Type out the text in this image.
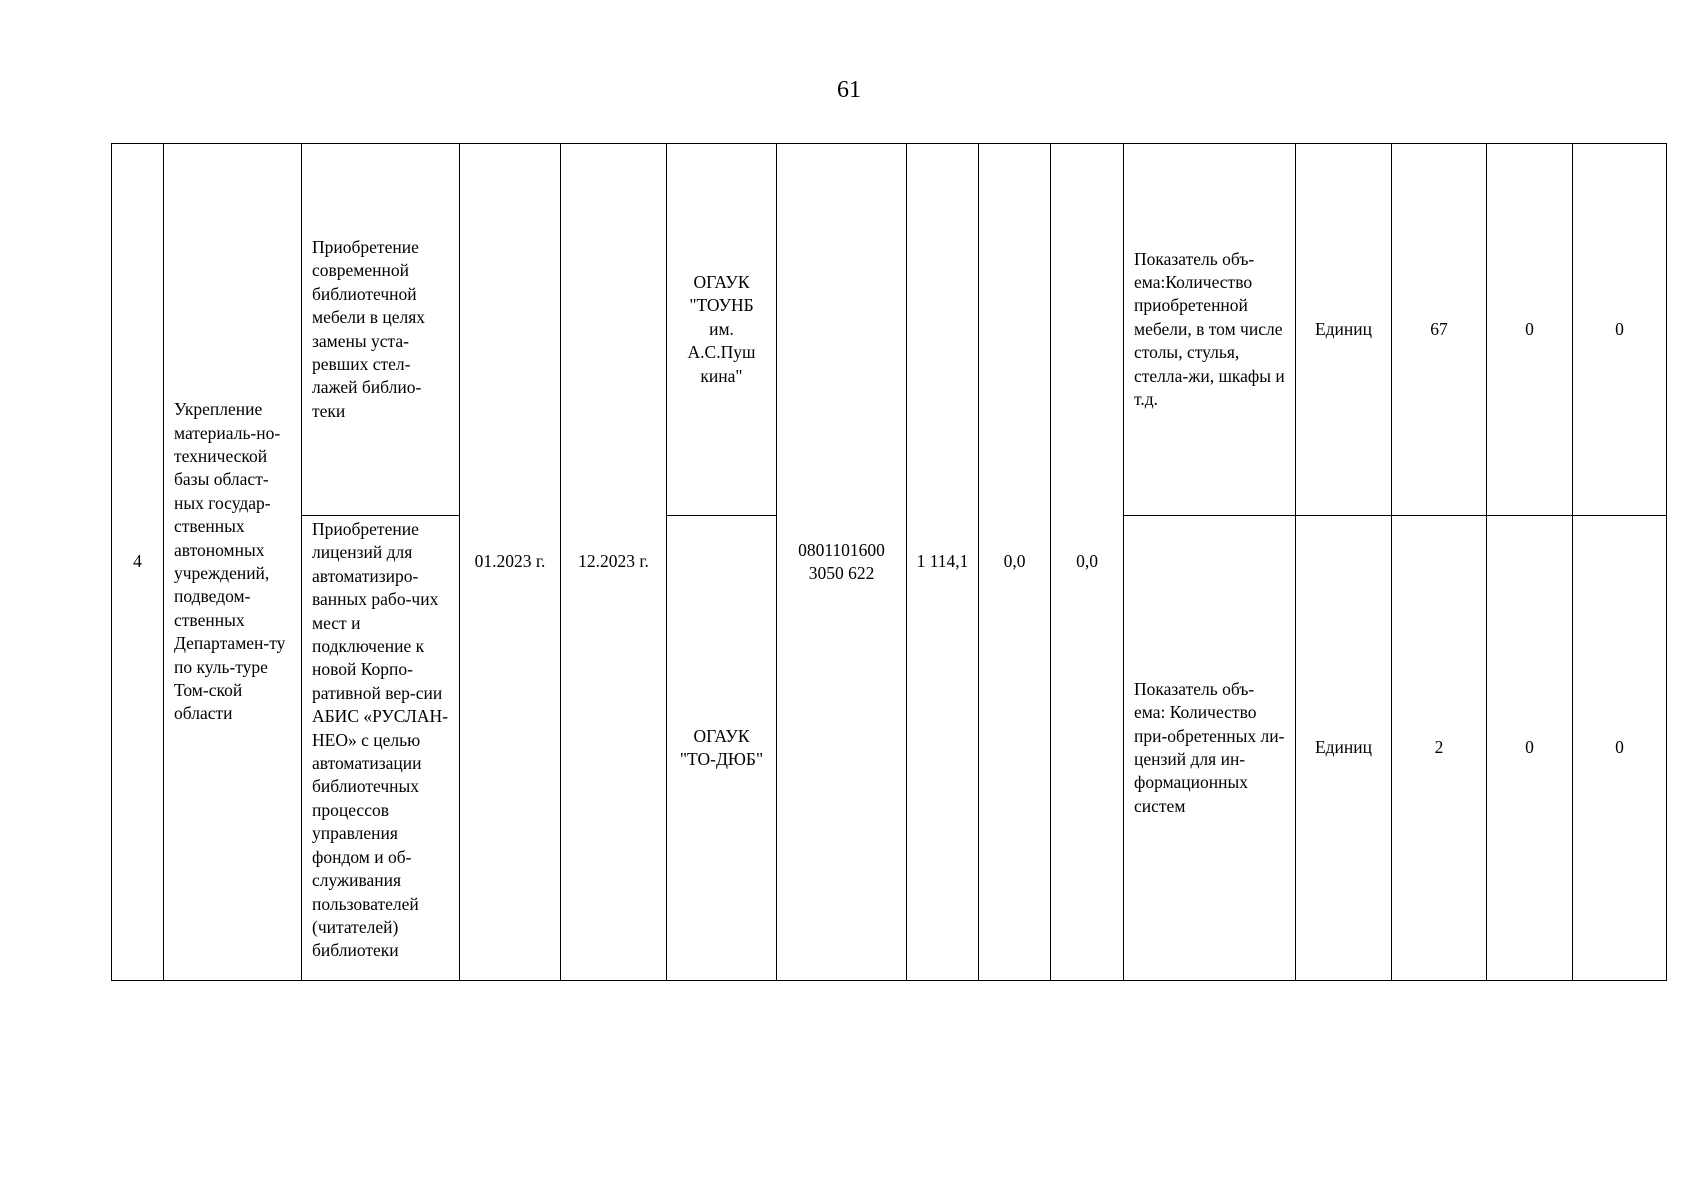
61
4	Укрепление материаль-но-технической базы област-ных государ-ственных автономных учреждений, подведом-ственных Департамен-ту по куль-туре Том-ской области	Приобретение современной библиотечной мебели в целях замены уста-ревших стел-лажей библио-теки	01.2023 г.	12.2023 г.	ОГАУК "ТОУНБ им. А.С.Пуш кина"	0801101600 3050 622	1 114,1	0,0	0,0	Показатель объ-ема:Количество приобретенной мебели, в том числе столы, стулья, стелла-жи, шкафы и т.д.	Единиц	67	0	0
		Приобретение лицензий для автоматизиро-ванных рабо-чих мест и подключение к новой Корпо-ративной вер-сии АБИС «РУСЛАН-НЕО» с целью автоматизации библиотечных процессов управления фондом и об-служивания пользователей (читателей) библиотеки			ОГАУК "ТО-ДЮБ"					Показатель объ-ема: Количество при-обретенных ли-цензий для ин-формационных систем	Единиц	2	0	0
